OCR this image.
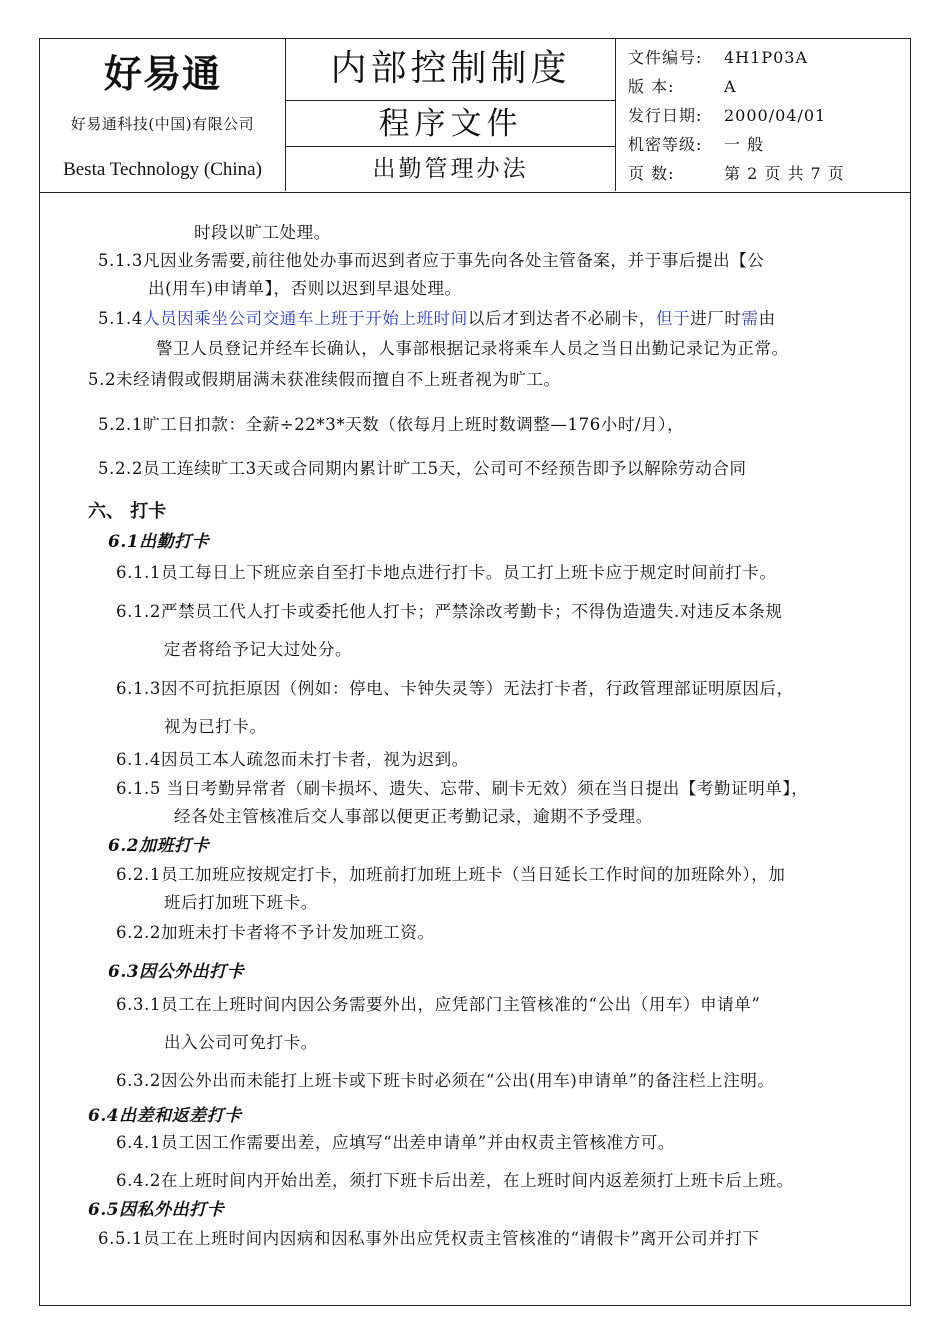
好易通
好易通科技(中国)有限公司
Besta Technology (China)
内部控制制度
程序文件
出勤管理办法
文件编号: 4H1P03A
版 本:	A
发行日期: 2000/04/01
机密等级: 一 般
页 数:	第 2 页 共 7 页
时段以旷工处理。
5.1.3凡因业务需要,前往他处办事而迟到者应于事先向各处主管备案，并于事后提出【公
出(用车)申请单】，否则以迟到早退处理。
5.1.4人员因乘坐公司交通车上班于开始上班时间以后才到达者不必刷卡，但于进厂时需由
警卫人员登记并经车长确认，人事部根据记录将乘车人员之当日出勤记录记为正常。
5.2未经请假或假期届满未获准续假而擅自不上班者视为旷工。
5.2.1旷工日扣款：全薪÷22*3*天数（依每月上班时数调整—176小时/月），
5.2.2员工连续旷工3天或合同期内累计旷工5天，公司可不经预告即予以解除劳动合同
六、 打卡
6.1出勤打卡
6.1.1员工每日上下班应亲自至打卡地点进行打卡。员工打上班卡应于规定时间前打卡。
6.1.2严禁员工代人打卡或委托他人打卡；严禁涂改考勤卡；不得伪造遗失.对违反本条规
定者将给予记大过处分。
6.1.3因不可抗拒原因（例如：停电、卡钟失灵等）无法打卡者，行政管理部证明原因后，
视为已打卡。
6.1.4因员工本人疏忽而未打卡者，视为迟到。
6.1.5 当日考勤异常者（刷卡损坏、遗失、忘带、刷卡无效）须在当日提出【考勤证明单】，
经各处主管核准后交人事部以便更正考勤记录，逾期不予受理。
6.2加班打卡
6.2.1员工加班应按规定打卡，加班前打加班上班卡（当日延长工作时间的加班除外），加
班后打加班下班卡。
6.2.2加班未打卡者将不予计发加班工资。
6.3因公外出打卡
6.3.1员工在上班时间内因公务需要外出，应凭部门主管核准的“公出（用车）申请单”
出入公司可免打卡。
6.3.2因公外出而未能打上班卡或下班卡时必须在“公出(用车)申请单”的备注栏上注明。
6.4出差和返差打卡
6.4.1员工因工作需要出差，应填写“出差申请单”并由权责主管核准方可。
6.4.2在上班时间内开始出差，须打下班卡后出差，在上班时间内返差须打上班卡后上班。
6.5因私外出打卡
6.5.1员工在上班时间内因病和因私事外出应凭权责主管核准的“请假卡”离开公司并打下
